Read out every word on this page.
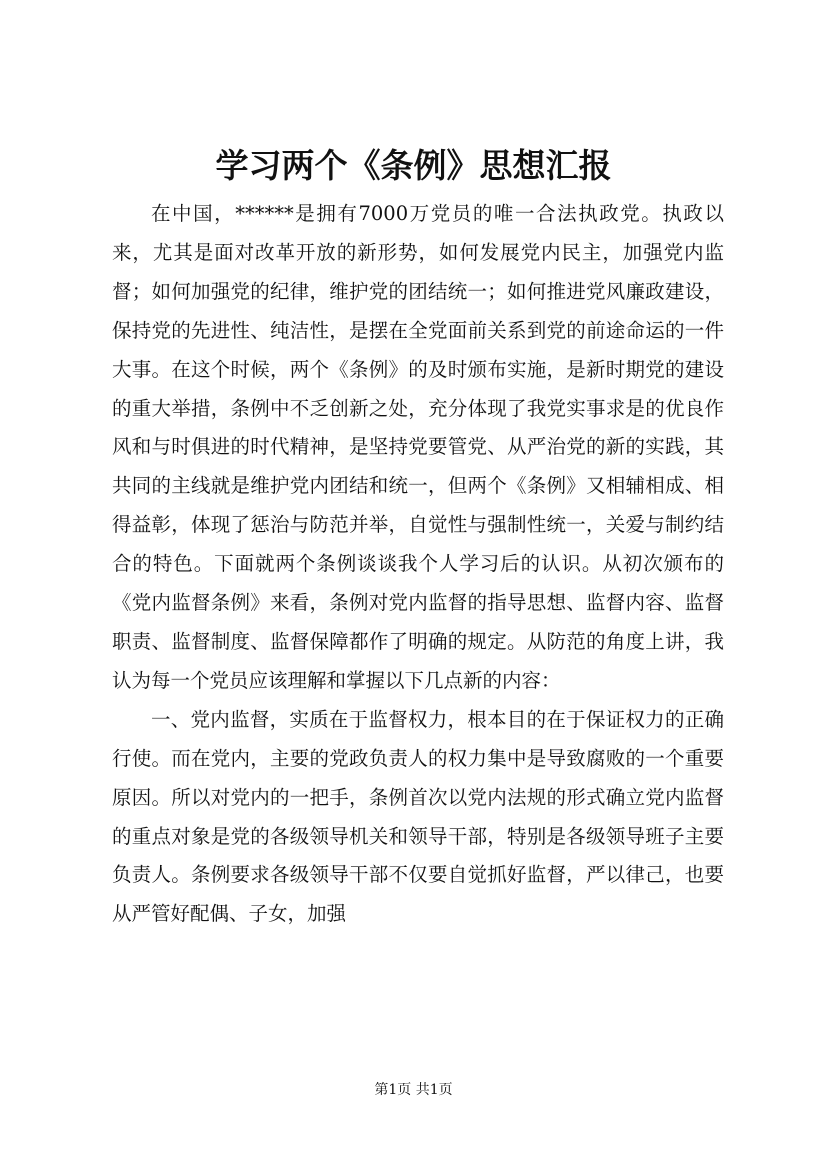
学习两个《条例》思想汇报

在中国，******是拥有7000万党员的唯一合法执政党。执政以来，尤其是面对改革开放的新形势，如何发展党内民主，加强党内监督；如何加强党的纪律，维护党的团结统一；如何推进党风廉政建设，保持党的先进性、纯洁性，是摆在全党面前关系到党的前途命运的一件大事。在这个时候，两个《条例》的及时颁布实施，是新时期党的建设的重大举措，条例中不乏创新之处，充分体现了我党实事求是的优良作风和与时俱进的时代精神，是坚持党要管党、从严治党的新的实践，其共同的主线就是维护党内团结和统一，但两个《条例》又相辅相成、相得益彰，体现了惩治与防范并举，自觉性与强制性统一，关爱与制约结合的特色。下面就两个条例谈谈我个人学习后的认识。从初次颁布的《党内监督条例》来看，条例对党内监督的指导思想、监督内容、监督职责、监督制度、监督保障都作了明确的规定。从防范的角度上讲，我认为每一个党员应该理解和掌握以下几点新的内容：

一、党内监督，实质在于监督权力，根本目的在于保证权力的正确行使。而在党内，主要的党政负责人的权力集中是导致腐败的一个重要原因。所以对党内的一把手，条例首次以党内法规的形式确立党内监督的重点对象是党的各级领导机关和领导干部，特别是各级领导班子主要负责人。条例要求各级领导干部不仅要自觉抓好监督，严以律己，也要从严管好配偶、子女，加强

第1页 共1页
